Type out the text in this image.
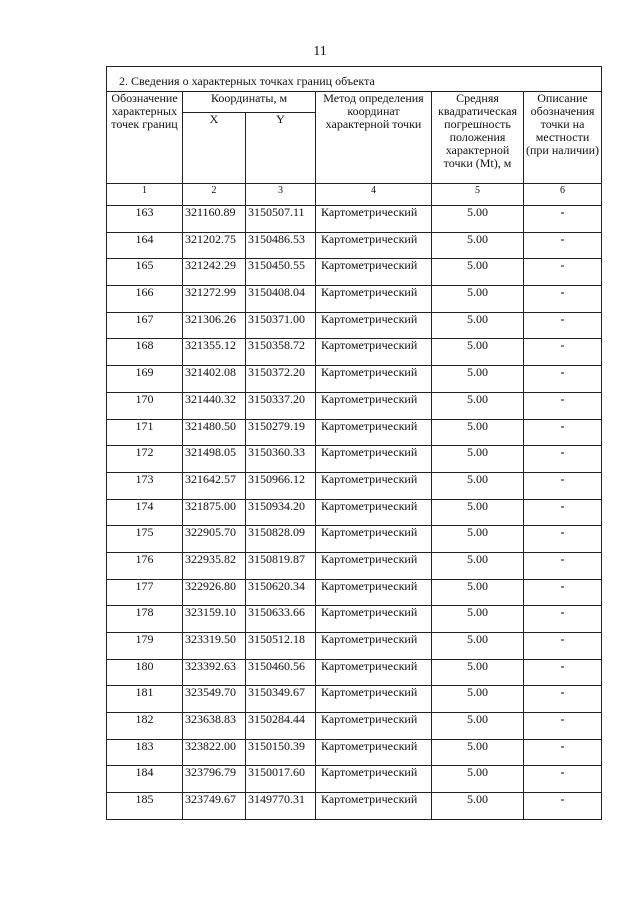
11
2. Сведения о характерных точках границ объекта					
Обозначение характерных точек границ	Координаты, м		Метод определения координат характерной точки	Средняя квадратическая погрешность положения характерной точки (Mt), м	Описание обозначения точки на местности (при наличии)
	X	Y			
1	2	3	4	5	6
163	321160.89	3150507.11	Картометрический	5.00	-
164	321202.75	3150486.53	Картометрический	5.00	-
165	321242.29	3150450.55	Картометрический	5.00	-
166	321272.99	3150408.04	Картометрический	5.00	-
167	321306.26	3150371.00	Картометрический	5.00	-
168	321355.12	3150358.72	Картометрический	5.00	-
169	321402.08	3150372.20	Картометрический	5.00	-
170	321440.32	3150337.20	Картометрический	5.00	-
171	321480.50	3150279.19	Картометрический	5.00	-
172	321498.05	3150360.33	Картометрический	5.00	-
173	321642.57	3150966.12	Картометрический	5.00	-
174	321875.00	3150934.20	Картометрический	5.00	-
175	322905.70	3150828.09	Картометрический	5.00	-
176	322935.82	3150819.87	Картометрический	5.00	-
177	322926.80	3150620.34	Картометрический	5.00	-
178	323159.10	3150633.66	Картометрический	5.00	-
179	323319.50	3150512.18	Картометрический	5.00	-
180	323392.63	3150460.56	Картометрический	5.00	-
181	323549.70	3150349.67	Картометрический	5.00	-
182	323638.83	3150284.44	Картометрический	5.00	-
183	323822.00	3150150.39	Картометрический	5.00	-
184	323796.79	3150017.60	Картометрический	5.00	-
185	323749.67	3149770.31	Картометрический	5.00	-
